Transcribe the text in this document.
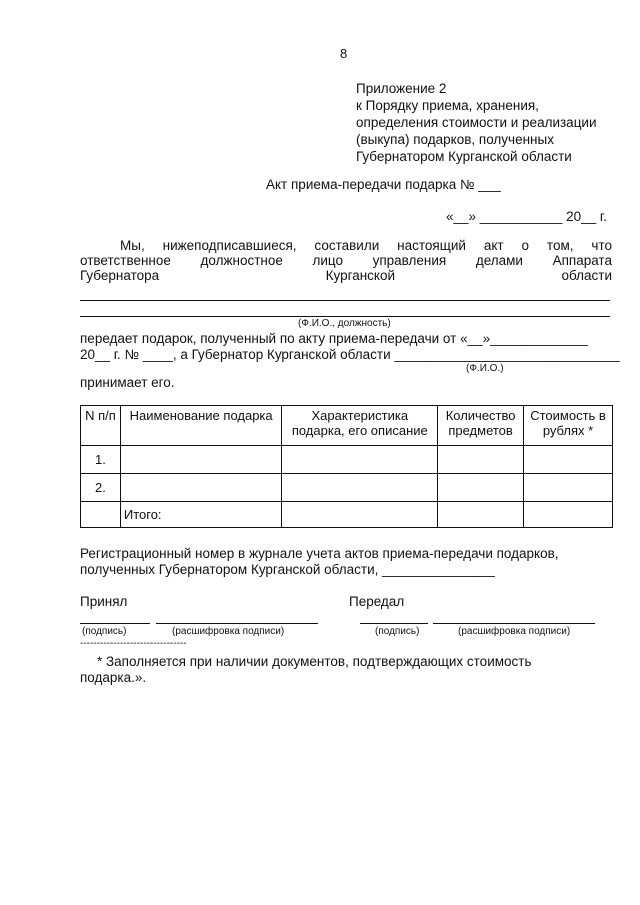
8
Приложение 2
к Порядку приема, хранения,
определения стоимости и реализации
(выкупа) подарков, полученных
Губернатором Курганской области
Акт приема-передачи подарка № ___
«__» ___________ 20__ г.
Мы, нижеподписавшиеся, составили настоящий акт о том, что
ответственное должностное лицо управления делами Аппарата
Губернатора	Курганской	области
(Ф.И.О., должность)
передает подарок, полученный по акту приема-передачи от «__»_____________
20__ г. № ____, а Губернатор Курганской области ______________________________
(Ф.И.О.)
принимает его.
N п/п	Наименование подарка	Характеристика подарка, его описание	Количество предметов	Стоимость в рублях *
1.				
2.				
	Итого:			
Регистрационный номер в журнале учета актов приема-передачи подарков,
полученных Губернатором Курганской области, _______________
Принял	Передал
(подпись)	(расшифровка подписи)	(подпись)	(расшифровка подписи)
--------------------------------
* Заполняется при наличии документов, подтверждающих стоимость
подарка.».
